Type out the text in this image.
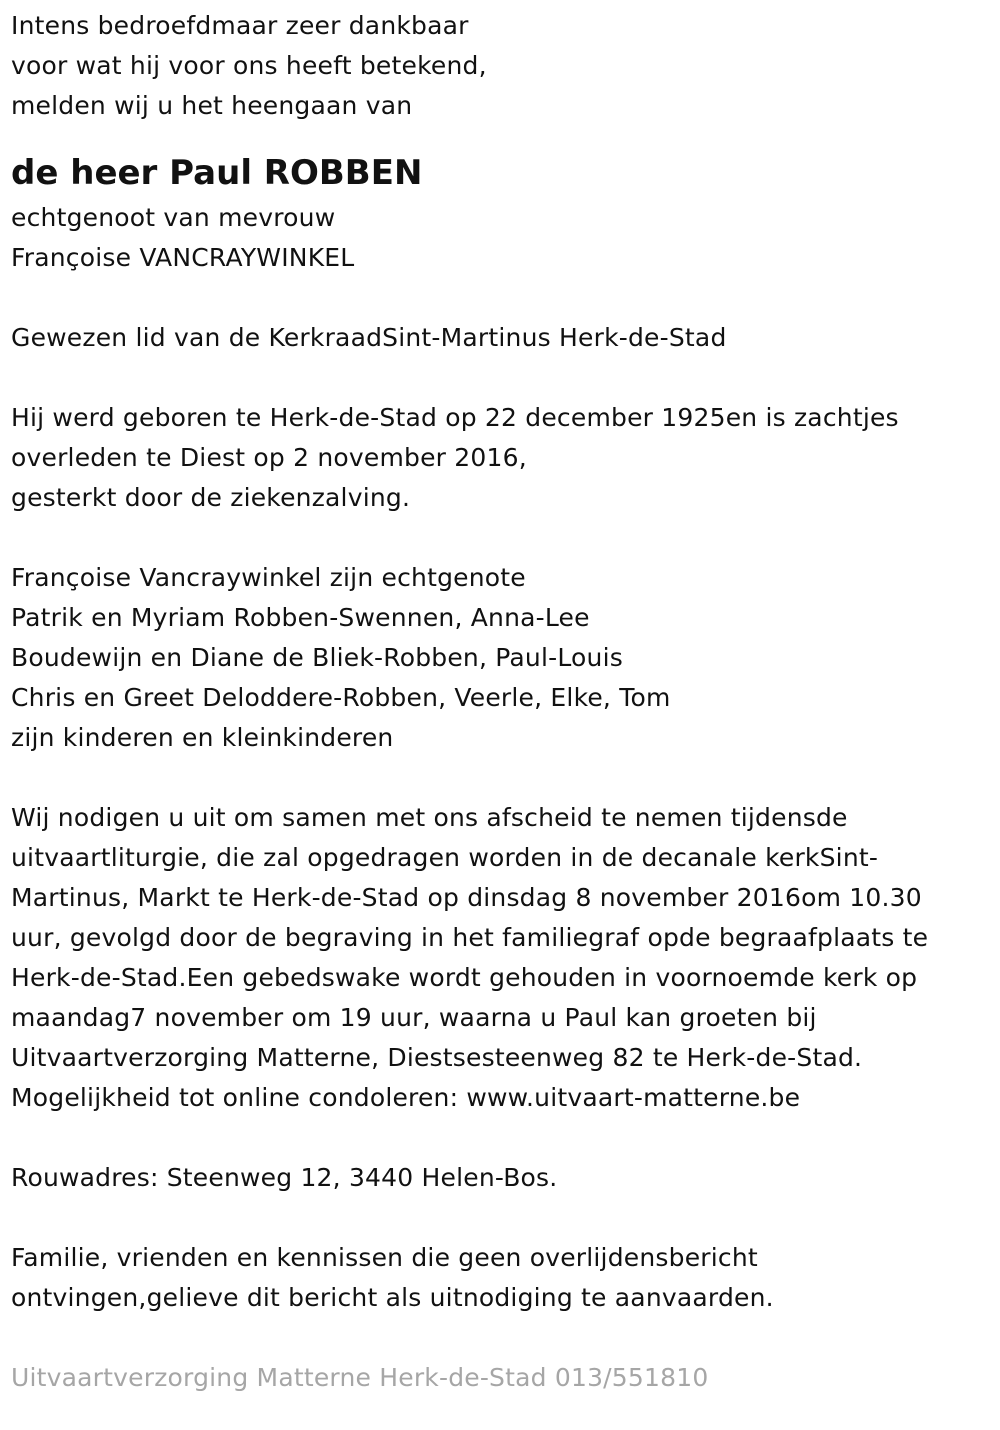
Intens bedroefdmaar zeer dankbaar
voor wat hij voor ons heeft betekend,
melden wij u het heengaan van
de heer Paul ROBBEN
echtgenoot van mevrouw
Françoise VANCRAYWINKEL
Gewezen lid van de KerkraadSint-Martinus Herk-de-Stad
Hij werd geboren te Herk-de-Stad op 22 december 1925en is zachtjes
overleden te Diest op 2 november 2016,
gesterkt door de ziekenzalving.
Françoise Vancraywinkel zijn echtgenote
Patrik en Myriam Robben-Swennen, Anna-Lee
Boudewijn en Diane de Bliek-Robben, Paul-Louis
Chris en Greet Deloddere-Robben, Veerle, Elke, Tom
zijn kinderen en kleinkinderen
Wij nodigen u uit om samen met ons afscheid te nemen tijdensde
uitvaartliturgie, die zal opgedragen worden in de decanale kerkSint-
Martinus, Markt te Herk-de-Stad op dinsdag 8 november 2016om 10.30
uur, gevolgd door de begraving in het familiegraf opde begraafplaats te
Herk-de-Stad.Een gebedswake wordt gehouden in voornoemde kerk op
maandag7 november om 19 uur, waarna u Paul kan groeten bij
Uitvaartverzorging Matterne, Diestsesteenweg 82 te Herk-de-Stad.
Mogelijkheid tot online condoleren: www.uitvaart-matterne.be
Rouwadres: Steenweg 12, 3440 Helen-Bos.
Familie, vrienden en kennissen die geen overlijdensbericht
ontvingen,gelieve dit bericht als uitnodiging te aanvaarden.
Uitvaartverzorging Matterne Herk-de-Stad 013/551810
